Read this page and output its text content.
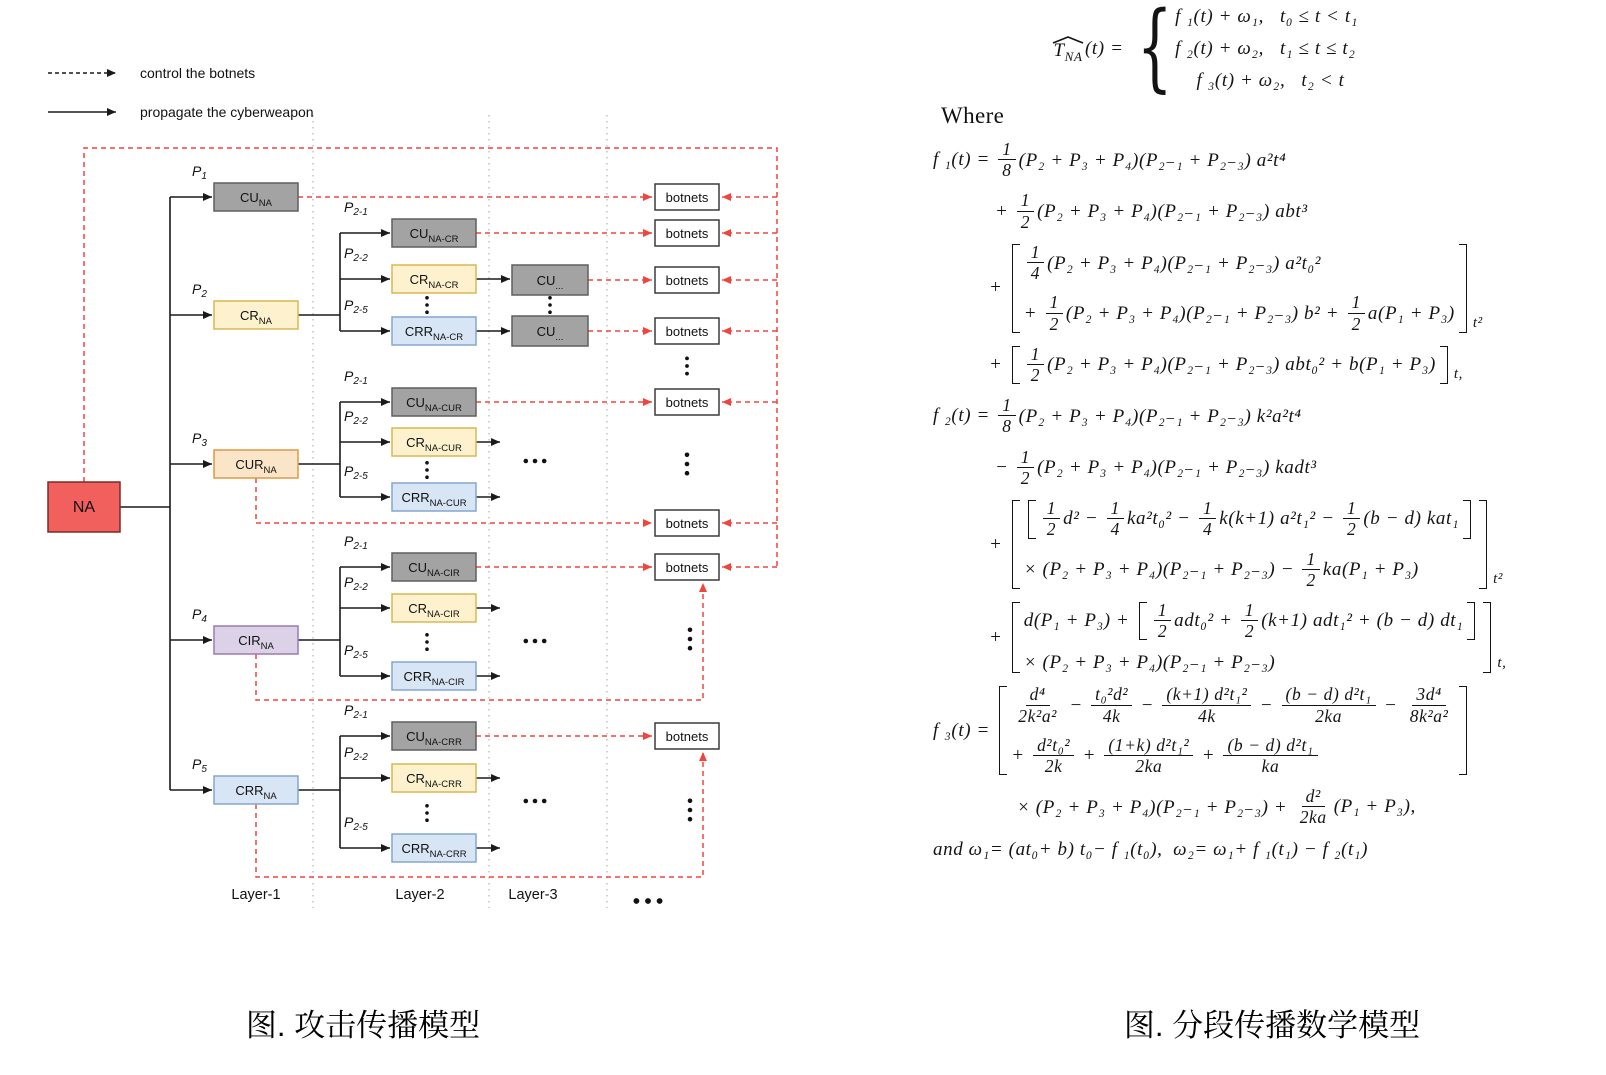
NA
$CU_{NA}$
$CR_{NA}$
$CUR_{NA}$
$CIR_{NA}$
$CRR_{NA}$
$CU_{NA-CR}$
$CR_{NA-CR}$
$CRR_{NA-CR}$
$CU_{NA-CUR}$
$CR_{NA-CUR}$
$CRR_{NA-CUR}$
$CU_{NA-CIR}$
$CR_{NA-CIR}$
$CRR_{NA-CIR}$
$CU_{NA-CRR}$
$CR_{NA-CRR}$
$CRR_{NA-CRR}$
$CU_{...}$
$CU_{...}$
botnets
botnets
botnets
botnets
botnets
botnets
botnets
botnets
$P_1$
$P_2$
$P_3$
$P_4$
$P_5$
$P_{2-1}$
$P_{2-2}$
$P_{2-5}$
$P_{2-1}$
$P_{2-2}$
$P_{2-5}$
$P_{2-1}$
$P_{2-2}$
$P_{2-5}$
$P_{2-1}$
$P_{2-2}$
$P_{2-5}$
Layer-1	Layer-2	Layer-3
control the botnets
propagate the cyberweapon
$T_{NA}$ (t) = { f ₁(t) + ω₁,   t₀ ≤ t < t₁
f ₂(t) + ω₂,   t₁ ≤ t ≤ t₂
f ₃(t) + ω₂,   t₂ < t
Where
f $_1(t) = \frac{1}{8} (P_2 + P_3 + P_4)(P_{2-1} + P_{2-3})$ a²t⁴
+ $\frac{1}{2} (P_2 + P_3 + P_4)(P_{2-1} + P_{2-3})$ abt³
+
$\frac{1}{4} (P_2 + P_3 + P_4)(P_{2-1} + P_{2-3})$ a²t₀²
+ $\frac{1}{2} (P_2 + P_3 + P_4)(P_{2-1} + P_{2-3}) b^2 + \frac{1}{2} a(P_1 + P_3)$ t²
+ $\frac{1}{2} (P_2 + P_3 + P_4)(P_{2-1} + P_{2-3}) abt_0^2 + b(P_1 + P_3)$ t,
f $_2(t) = \frac{1}{8} (P_2 + P_3 + P_4)(P_{2-1} + P_{2-3})$ k²a²t⁴
− $\frac{1}{2} (P_2 + P_3 + P_4)(P_{2-1} + P_{2-3})$ kadt³
+
$\frac{1}{2} d^2 - \frac{1}{4} ka^2t_0^2 - \frac{1}{4} k(k+1) a^2t_1^2 - \frac{1}{2} (b - d)$ kat₁
× $(P_2 + P_3 + P_4)(P_{2-1} + P_{2-3}) - \frac{1}{2} ka(P_1 + P_3)$	t²
+
$d(P_1 + P_3) + \frac{1}{2} adt_0^2 + \frac{1}{2} (k+1) adt_1^2 + (b - d)$ dt₁
× (P₂ + P₃ + P₄)(P₂₋₁ + P₂₋₃)	t,
f ₃(t) =
$\frac{\text{d⁴}}{\text{2k²a²}} - \frac{\text{t₀²d²}}{4k} - \frac{\text{(k+1) d²t₁²}}{4k} - \frac{\text{(b − d) d²t₁}}{2ka} - \frac{\text{3d⁴}}{\text{8k²a²}}$
+ $\frac{\text{d²t₀²}}{2k} + \frac{\text{(1+k) d²t₁²}}{2ka} + \frac{\text{(b − d) d²t₁}}{ka}$
× $(P_2 + P_3 + P_4)(P_{2-1} + P_{2-3}) + \frac{\text{d²}}{2ka} (P_1 + P_3)$,
and ω₁= (at₀+ b) t₀− f ₁(t₀),  ω₂= ω₁+ f ₁(t₁) − f ₂(t₁)
图. 攻击传播模型	图. 分段传播数学模型
